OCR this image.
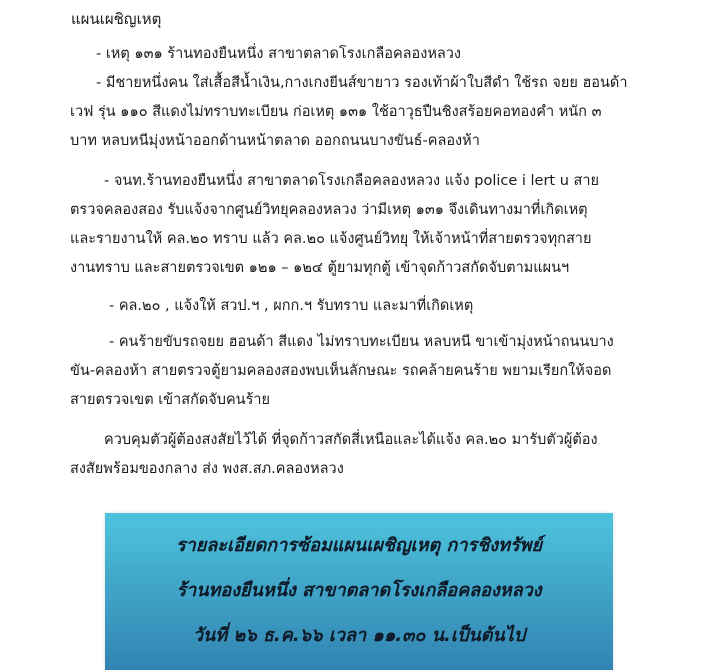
แผนเผชิญเหตุ

- เหตุ ๑๓๑ ร้านทองยืนหนึ่ง สาขาตลาดโรงเกลือคลองหลวง

- มีชายหนึ่งคน ใส่เสื้อสีน้ำเงิน,กางเกงยีนส์ขายาว รองเท้าผ้าใบสีดำ ใช้รถ จยย ฮอนด้า
เวฟ รุ่น ๑๑๐ สีแดงไม่ทราบทะเบียน ก่อเหตุ ๑๓๑ ใช้อาวุธปืนชิงสร้อยคอทองคำ หนัก ๓
บาท หลบหนีมุ่งหน้าออกด้านหน้าตลาด ออกถนนบางขันธ์-คลองห้า

- จนท.ร้านทองยืนหนึ่ง สาขาตลาดโรงเกลือคลองหลวง แจ้ง police i lert u สาย
ตรวจคลองสอง รับแจ้งจากศูนย์วิทยุคลองหลวง ว่ามีเหตุ ๑๓๑ จึงเดินทางมาที่เกิดเหตุ
และรายงานให้ คล.๒๐ ทราบ แล้ว คล.๒๐ แจ้งศูนย์วิทยุ ให้เจ้าหน้าที่สายตรวจทุกสาย
งานทราบ และสายตรวจเขต ๑๒๑ – ๑๒๔ ตู้ยามทุกตู้ เข้าจุดก้าวสกัดจับตามแผนฯ

- คล.๒๐ , แจ้งให้ สวป.ฯ , ผกก.ฯ รับทราบ และมาที่เกิดเหตุ

- คนร้ายขับรถจยย ฮอนด้า สีแดง ไม่ทราบทะเบียน หลบหนี ขาเข้ามุ่งหน้าถนนบาง
ขัน-คลองห้า สายตรวจตู้ยามคลองสองพบเห็นลักษณะ รถคล้ายคนร้าย พยามเรียกให้จอด
สายตรวจเขต เข้าสกัดจับคนร้าย

ควบคุมตัวผู้ต้องสงสัยไว้ได้ ที่จุดก้าวสกัดสี่เหนือและได้แจ้ง คล.๒๐ มารับตัวผู้ต้อง
สงสัยพร้อมของกลาง ส่ง พงส.สภ.คลองหลวง

รายละเอียดการซ้อมแผนเผชิญเหตุ การชิงทรัพย์
ร้านทองยืนหนึ่ง สาขาตลาดโรงเกลือคลองหลวง
วันที่ ๒๖ ธ.ค.๖๖ เวลา ๑๑.๓๐ น.เป็นต้นไป
